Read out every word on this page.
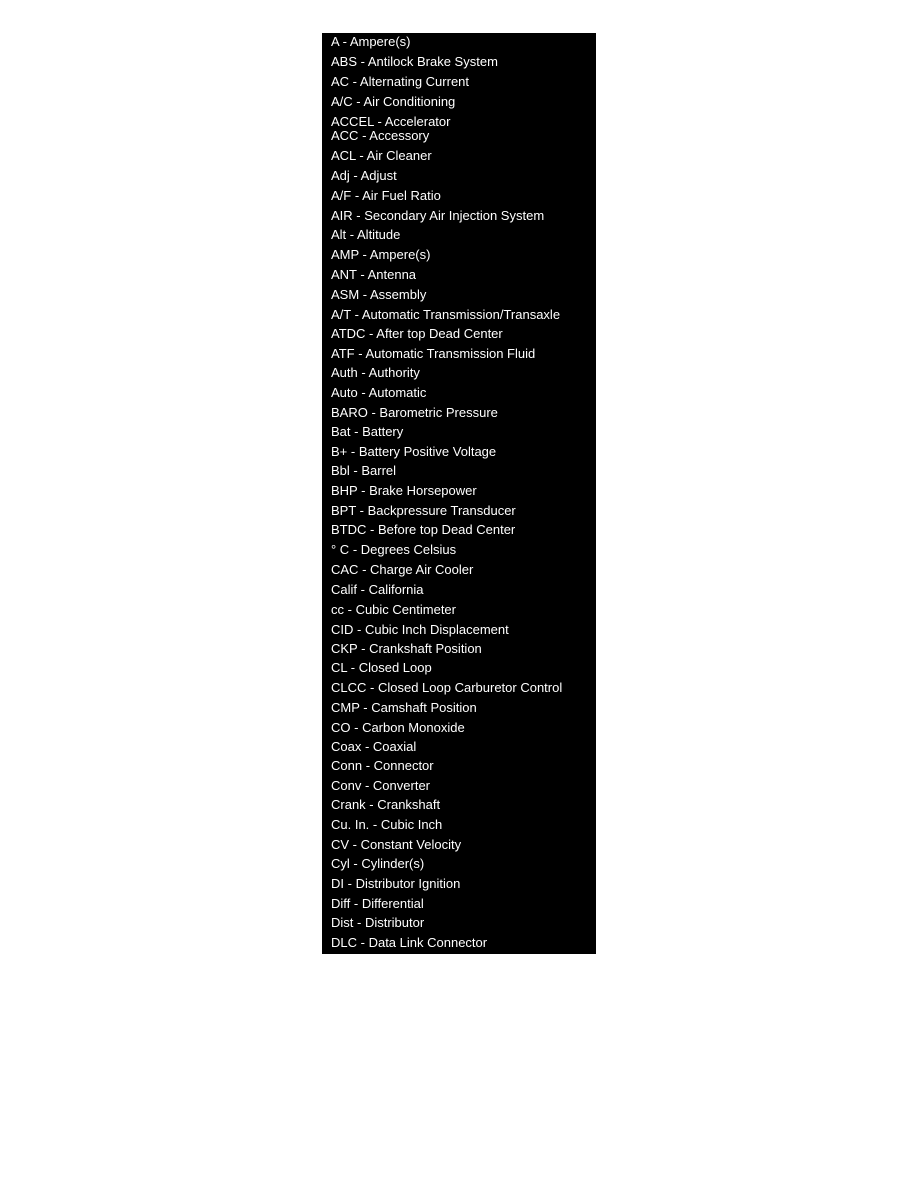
A - Ampere(s)
ABS - Antilock Brake System
AC - Alternating Current
A/C - Air Conditioning
ACCEL - Accelerator
ACC - Accessory
ACL - Air Cleaner
Adj - Adjust
A/F - Air Fuel Ratio
AIR - Secondary Air Injection System
Alt - Altitude
AMP - Ampere(s)
ANT - Antenna
ASM - Assembly
A/T - Automatic Transmission/Transaxle
ATDC - After top Dead Center
ATF - Automatic Transmission Fluid
Auth - Authority
Auto - Automatic
BARO - Barometric Pressure
Bat - Battery
B+ - Battery Positive Voltage
Bbl - Barrel
BHP - Brake Horsepower
BPT - Backpressure Transducer
BTDC - Before top Dead Center
° C - Degrees Celsius
CAC - Charge Air Cooler
Calif - California
cc - Cubic Centimeter
CID - Cubic Inch Displacement
CKP - Crankshaft Position
CL - Closed Loop
CLCC - Closed Loop Carburetor Control
CMP - Camshaft Position
CO - Carbon Monoxide
Coax - Coaxial
Conn - Connector
Conv - Converter
Crank - Crankshaft
Cu. In. - Cubic Inch
CV - Constant Velocity
Cyl - Cylinder(s)
DI - Distributor Ignition
Diff - Differential
Dist - Distributor
DLC - Data Link Connector
